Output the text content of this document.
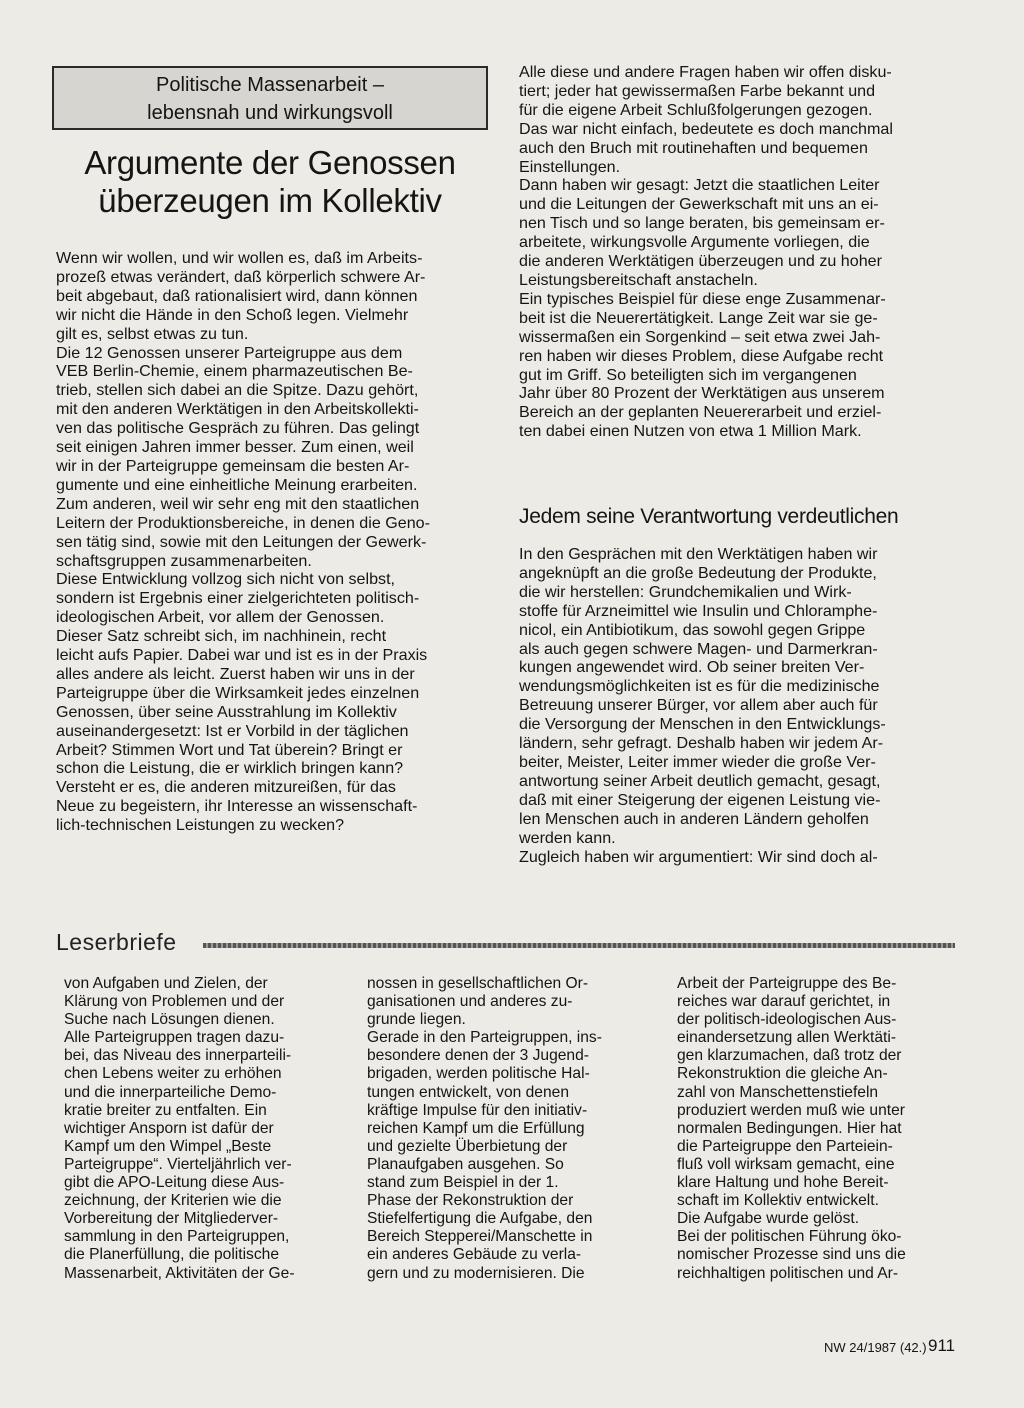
Politische Massenarbeit –
lebensnah und wirkungsvoll
Argumente der Genossen
überzeugen im Kollektiv
Wenn wir wollen, und wir wollen es, daß im Arbeits-
prozeß etwas verändert, daß körperlich schwere Ar-
beit abgebaut, daß rationalisiert wird, dann können
wir nicht die Hände in den Schoß legen. Vielmehr
gilt es, selbst etwas zu tun.
Die 12 Genossen unserer Parteigruppe aus dem
VEB Berlin-Chemie, einem pharmazeutischen Be-
trieb, stellen sich dabei an die Spitze. Dazu gehört,
mit den anderen Werktätigen in den Arbeitskollekti-
ven das politische Gespräch zu führen. Das gelingt
seit einigen Jahren immer besser. Zum einen, weil
wir in der Parteigruppe gemeinsam die besten Ar-
gumente und eine einheitliche Meinung erarbeiten.
Zum anderen, weil wir sehr eng mit den staatlichen
Leitern der Produktionsbereiche, in denen die Geno-
sen tätig sind, sowie mit den Leitungen der Gewerk-
schaftsgruppen zusammenarbeiten.
Diese Entwicklung vollzog sich nicht von selbst,
sondern ist Ergebnis einer zielgerichteten politisch-
ideologischen Arbeit, vor allem der Genossen.
Dieser Satz schreibt sich, im nachhinein, recht
leicht aufs Papier. Dabei war und ist es in der Praxis
alles andere als leicht. Zuerst haben wir uns in der
Parteigruppe über die Wirksamkeit jedes einzelnen
Genossen, über seine Ausstrahlung im Kollektiv
auseinandergesetzt: Ist er Vorbild in der täglichen
Arbeit? Stimmen Wort und Tat überein? Bringt er
schon die Leistung, die er wirklich bringen kann?
Versteht er es, die anderen mitzureißen, für das
Neue zu begeistern, ihr Interesse an wissenschaft-
lich-technischen Leistungen zu wecken?
Alle diese und andere Fragen haben wir offen disku-
tiert; jeder hat gewissermaßen Farbe bekannt und
für die eigene Arbeit Schlußfolgerungen gezogen.
Das war nicht einfach, bedeutete es doch manchmal
auch den Bruch mit routinehaften und bequemen
Einstellungen.
Dann haben wir gesagt: Jetzt die staatlichen Leiter
und die Leitungen der Gewerkschaft mit uns an ei-
nen Tisch und so lange beraten, bis gemeinsam er-
arbeitete, wirkungsvolle Argumente vorliegen, die
die anderen Werktätigen überzeugen und zu hoher
Leistungsbereitschaft anstacheln.
Ein typisches Beispiel für diese enge Zusammenar-
beit ist die Neuerertätigkeit. Lange Zeit war sie ge-
wissermaßen ein Sorgenkind – seit etwa zwei Jah-
ren haben wir dieses Problem, diese Aufgabe recht
gut im Griff. So beteiligten sich im vergangenen
Jahr über 80 Prozent der Werktätigen aus unserem
Bereich an der geplanten Neuererarbeit und erziel-
ten dabei einen Nutzen von etwa 1 Million Mark.
Jedem seine Verantwortung verdeutlichen
In den Gesprächen mit den Werktätigen haben wir
angeknüpft an die große Bedeutung der Produkte,
die wir herstellen: Grundchemikalien und Wirk-
stoffe für Arzneimittel wie Insulin und Chloramphe-
nicol, ein Antibiotikum, das sowohl gegen Grippe
als auch gegen schwere Magen- und Darmerkran-
kungen angewendet wird. Ob seiner breiten Ver-
wendungsmöglichkeiten ist es für die medizinische
Betreuung unserer Bürger, vor allem aber auch für
die Versorgung der Menschen in den Entwicklungs-
ländern, sehr gefragt. Deshalb haben wir jedem Ar-
beiter, Meister, Leiter immer wieder die große Ver-
antwortung seiner Arbeit deutlich gemacht, gesagt,
daß mit einer Steigerung der eigenen Leistung vie-
len Menschen auch in anderen Ländern geholfen
werden kann.
Zugleich haben wir argumentiert: Wir sind doch al-
Leserbriefe
von Aufgaben und Zielen, der
Klärung von Problemen und der
Suche nach Lösungen dienen.
Alle Parteigruppen tragen dazu-
bei, das Niveau des innerparteili-
chen Lebens weiter zu erhöhen
und die innerparteiliche Demo-
kratie breiter zu entfalten. Ein
wichtiger Ansporn ist dafür der
Kampf um den Wimpel „Beste
Parteigruppe“. Vierteljährlich ver-
gibt die APO-Leitung diese Aus-
zeichnung, der Kriterien wie die
Vorbereitung der Mitgliederver-
sammlung in den Parteigruppen,
die Planerfüllung, die politische
Massenarbeit, Aktivitäten der Ge-
nossen in gesellschaftlichen Or-
ganisationen und anderes zu-
grunde liegen.
Gerade in den Parteigruppen, ins-
besondere denen der 3 Jugend-
brigaden, werden politische Hal-
tungen entwickelt, von denen
kräftige Impulse für den initiativ-
reichen Kampf um die Erfüllung
und gezielte Überbietung der
Planaufgaben ausgehen. So
stand zum Beispiel in der 1.
Phase der Rekonstruktion der
Stiefelfertigung die Aufgabe, den
Bereich Stepperei/Manschette in
ein anderes Gebäude zu verla-
gern und zu modernisieren. Die
Arbeit der Parteigruppe des Be-
reiches war darauf gerichtet, in
der politisch-ideologischen Aus-
einandersetzung allen Werktäti-
gen klarzumachen, daß trotz der
Rekonstruktion die gleiche An-
zahl von Manschettenstiefeln
produziert werden muß wie unter
normalen Bedingungen. Hier hat
die Parteigruppe den Parteiein-
fluß voll wirksam gemacht, eine
klare Haltung und hohe Bereit-
schaft im Kollektiv entwickelt.
Die Aufgabe wurde gelöst.
Bei der politischen Führung öko-
nomischer Prozesse sind uns die
reichhaltigen politischen und Ar-
NW 24/1987 (42.) 911
